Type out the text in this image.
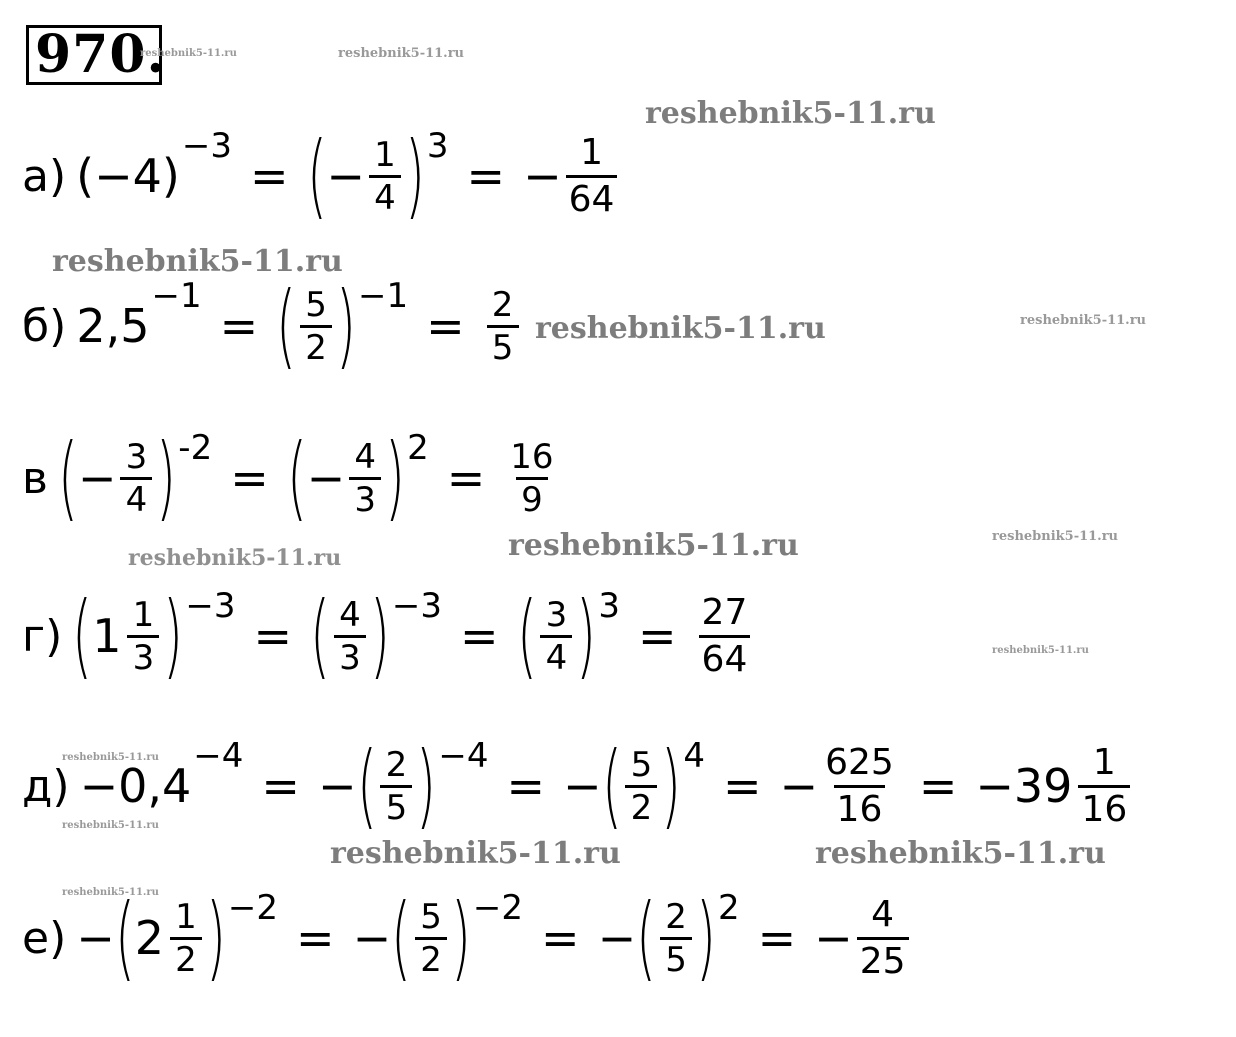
970.
reshebnik5-11.ru	reshebnik5-11.ru
reshebnik5-11.ru
reshebnik5-11.ru
reshebnik5-11.ru	reshebnik5-11.ru
reshebnik5-11.ru	reshebnik5-11.ru	reshebnik5-11.ru
reshebnik5-11.ru
reshebnik5-11.ru
reshebnik5-11.ru
reshebnik5-11.ru	reshebnik5-11.ru
reshebnik5-11.ru
а) (−4)
$^{-3}$
= ( − $\frac{1}{4} )^3$
= − $\frac{1}{64}$
б) 2,5
$^{-1}$
= ( $\frac{5}{2} )^{-1}$
= $\frac{2}{5}$
в ( − $\frac{3}{4} )^{-2}$
= ( − $\frac{4}{3} )^2$
= $\frac{16}{9}$
г) ( $1 \frac{1}{3} )^{-3}$
= ( $\frac{4}{3} )^{-3}$
= ( $\frac{3}{4} )^3$
= $\frac{27}{64}$
д) −0,4
$^{-4}$
= − ( $\frac{2}{5} )^{-4}$
= − ( $\frac{5}{2} )^4$
= − $\frac{625}{16} = -39 \frac{1}{16}$
е) − ( $2 \frac{1}{2} )^{-2}$
= − ( $\frac{5}{2} )^{-2}$
= − ( $\frac{2}{5} )^2$
= − $\frac{4}{25}$
